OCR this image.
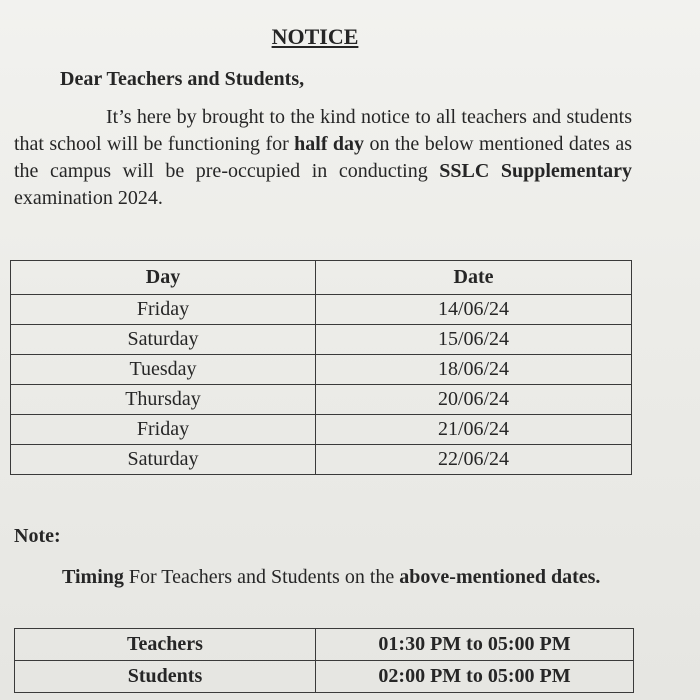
NOTICE
Dear Teachers and Students,
It’s here by brought to the kind notice to all teachers and students that school will be functioning for half day on the below mentioned dates as the campus will be pre-occupied in conducting SSLC Supplementary examination 2024.
Day	Date
Friday	14/06/24
Saturday	15/06/24
Tuesday	18/06/24
Thursday	20/06/24
Friday	21/06/24
Saturday	22/06/24
Note:
Timing For Teachers and Students on the above-mentioned dates.
Teachers	01:30 PM to 05:00 PM
Students	02:00 PM to 05:00 PM
